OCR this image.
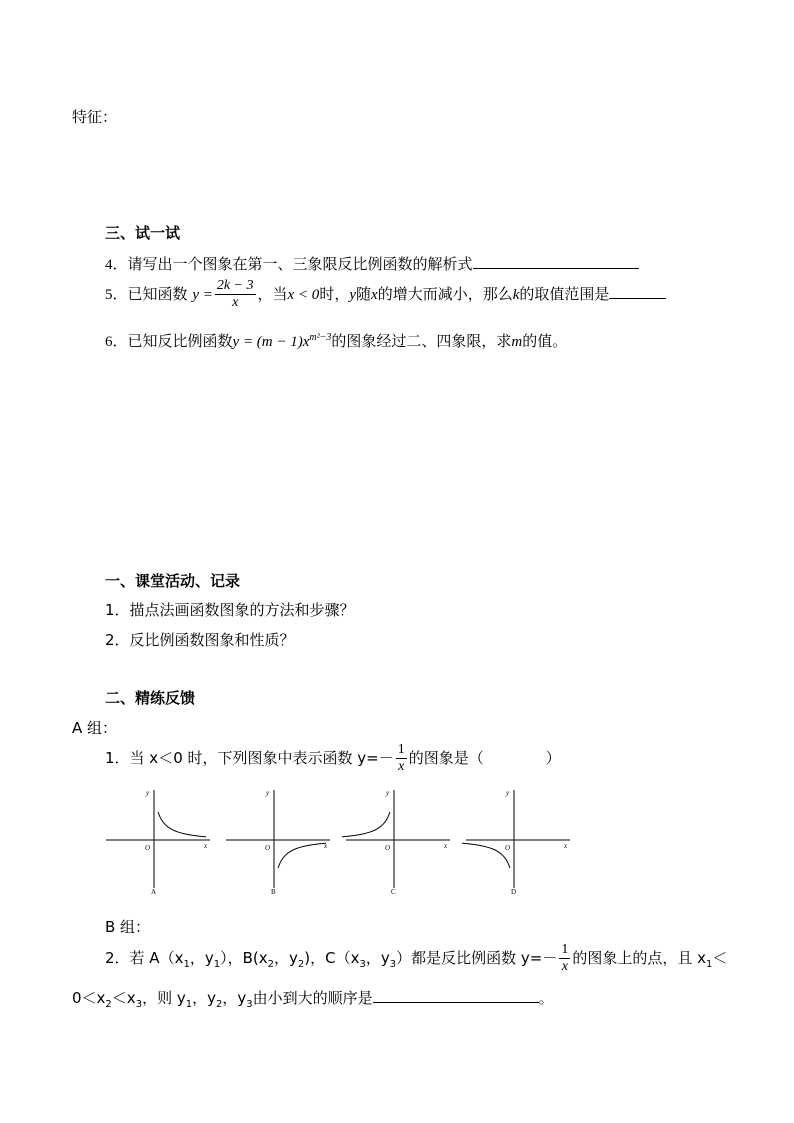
特征：
三、试一试
4．请写出一个图象在第一、三象限反比例函数的解析式
5．已知函数 $y = \frac{2k - 3}{x}$ ，当x < 0时，y随x的增大而减小，那么k的取值范围是
6．已知反比例函数$y = (m - 1)x^{m^2-3}$的图象经过二、四象限，求m的值。
一、课堂活动、记录
1．描点法画函数图象的方法和步骤？
2．反比例函数图象和性质？
二、精练反馈
A 组：
1．当 x＜0 时，下列图象中表示函数 $y=- \frac{1}{x}$ 的图象是（	）
x
y
O
A
x
y
O
B
x
y
O
C
x
y
O
D
B 组：
2．若 $A(x_1$，$y_1$），$B(x_2$，$y_2$)，$C(x_3$，$y_3$）都是反比例函数 $y=- \frac{1}{x}$ 的图象上的点，且 $x_1<$
$0<x_2<x_3$，则 $y_1$，$y_2$，$y_3$由小到大的顺序是	。
